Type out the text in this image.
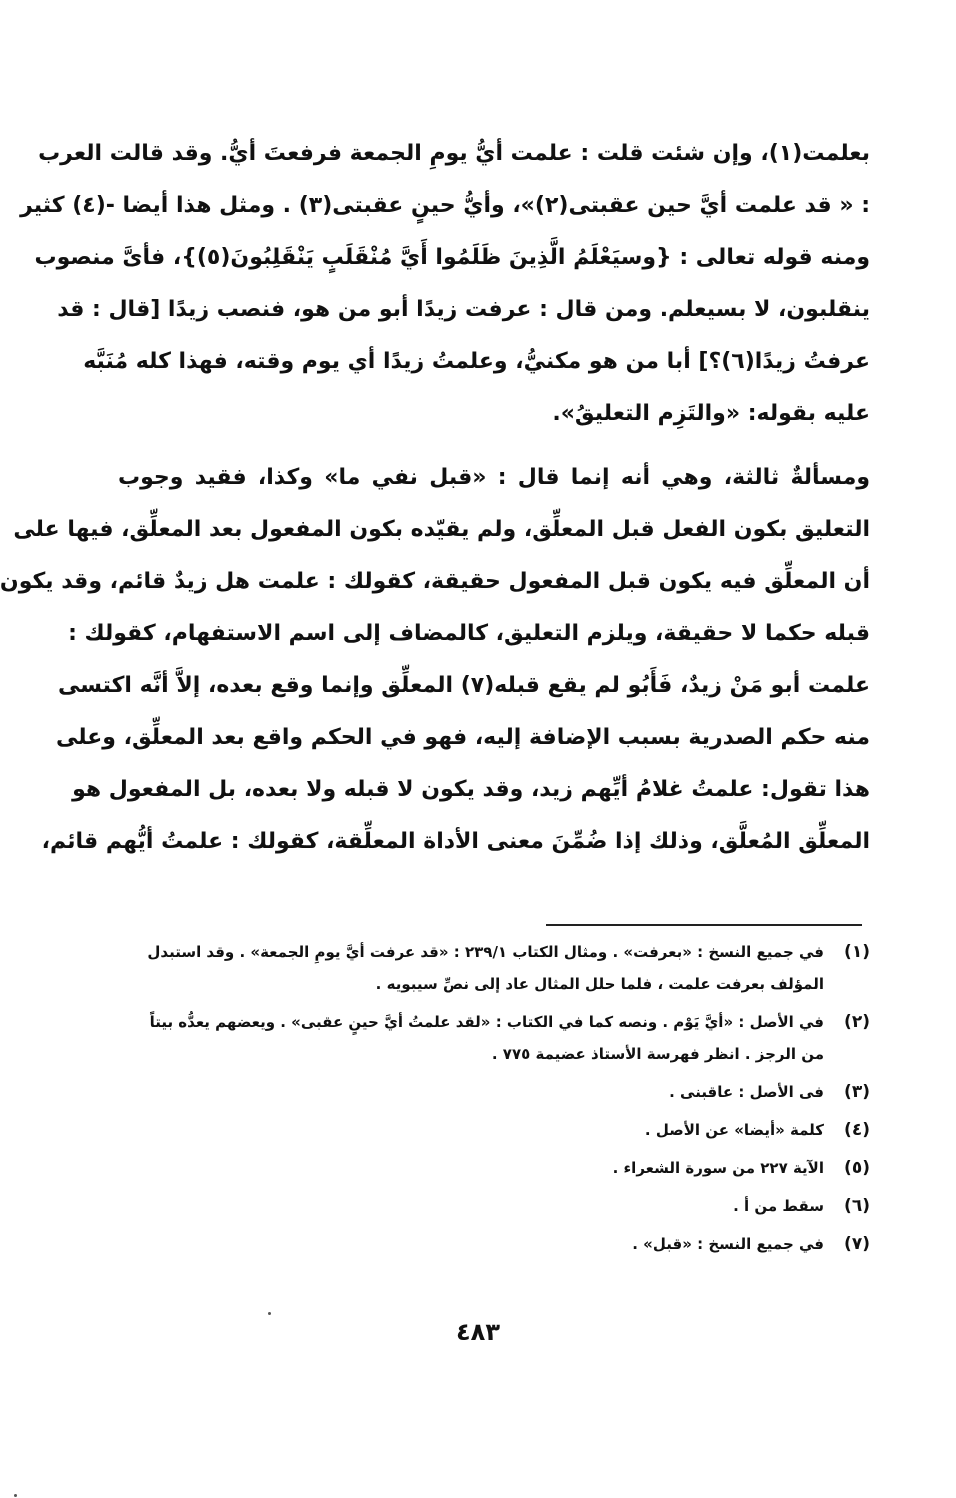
بعلمت(١)، وإن شئت قلت : علمت أيُّ يومِ الجمعة فرفعتَ أيُّ. وقد قالت العرب
: « قد علمت أيَّ حين عقبتى(٢)»، وأيُّ حينٍ عقبتى(٣) . ومثل هذا أيضا -(٤) كثير
ومنه قوله تعالى : {وسيَعْلَمُ الَّذِينَ ظَلَمُوا أَيَّ مُنْقَلَبٍ يَنْقَلِبُونَ(٥)}، فأىَّ منصوب
ينقلبون، لا بسيعلم. ومن قال : عرفت زيدًا أبو من هو، فنصب زيدًا [قال : قد
عرفتُ زيدًا(٦)؟] أبا من هو مكنيُّ، وعلمتُ زيدًا أي يوم وقته، فهذا كله مُنَبَّه
عليه بقوله: «والتَزِم التعليقُ».
ومسألةٌ ثالثة، وهي أنه إنما قال : «قبل نفي ما» وكذا، فقيد وجوب
التعليق بكون الفعل قبل المعلِّق، ولم يقيّده بكون المفعول بعد المعلِّق، فيها على
أن المعلِّق فيه يكون قبل المفعول حقيقة، كقولك : علمت هل زيدٌ قائم، وقد يكون
قبله حكما لا حقيقة، ويلزم التعليق، كالمضاف إلى اسم الاستفهام، كقولك :
علمت أبو مَنْ زيدٌ، فَأَبُو لم يقع قبله(٧) المعلِّق وإنما وقع بعده، إلاَّ أنَّه اكتسى
منه حكم الصدرية بسبب الإضافة إليه، فهو في الحكم واقع بعد المعلِّق، وعلى
هذا تقول: علمتُ غلامُ أيِّهم زيد، وقد يكون لا قبله ولا بعده، بل المفعول هو
المعلِّق المُعلَّق، وذلك إذا ضُمِّنَ معنى الأداة المعلِّقة، كقولك : علمتُ أيُّهم قائم،
(١)
في جميع النسخ : «بعرفت» . ومثال الكتاب ٢٣٩/١ : «قد عرفت أيَّ يومِ الجمعة» . وقد استبدل
المؤلف بعرفت علمت ، فلما حلل المثال عاد إلى نصِّ سيبويه .
(٢)
في الأصل : «أيَّ يَوْم . ونصه كما في الكتاب : «لقد علمتُ أيَّ حينٍ عقبى» . ويعضهم يعدُّه بيتاً
من الرجز . انظر فهرسة الأستاذ عضيمة ٧٧٥ .
(٣)
فى الأصل : عاقبنى .
(٤)
كلمة «أيضا» عن الأصل .
(٥)
الآية ٢٢٧ من سورة الشعراء .
(٦)
سقط من أ .
(٧)
في جميع النسخ : «قبل» .
٤٨٣
